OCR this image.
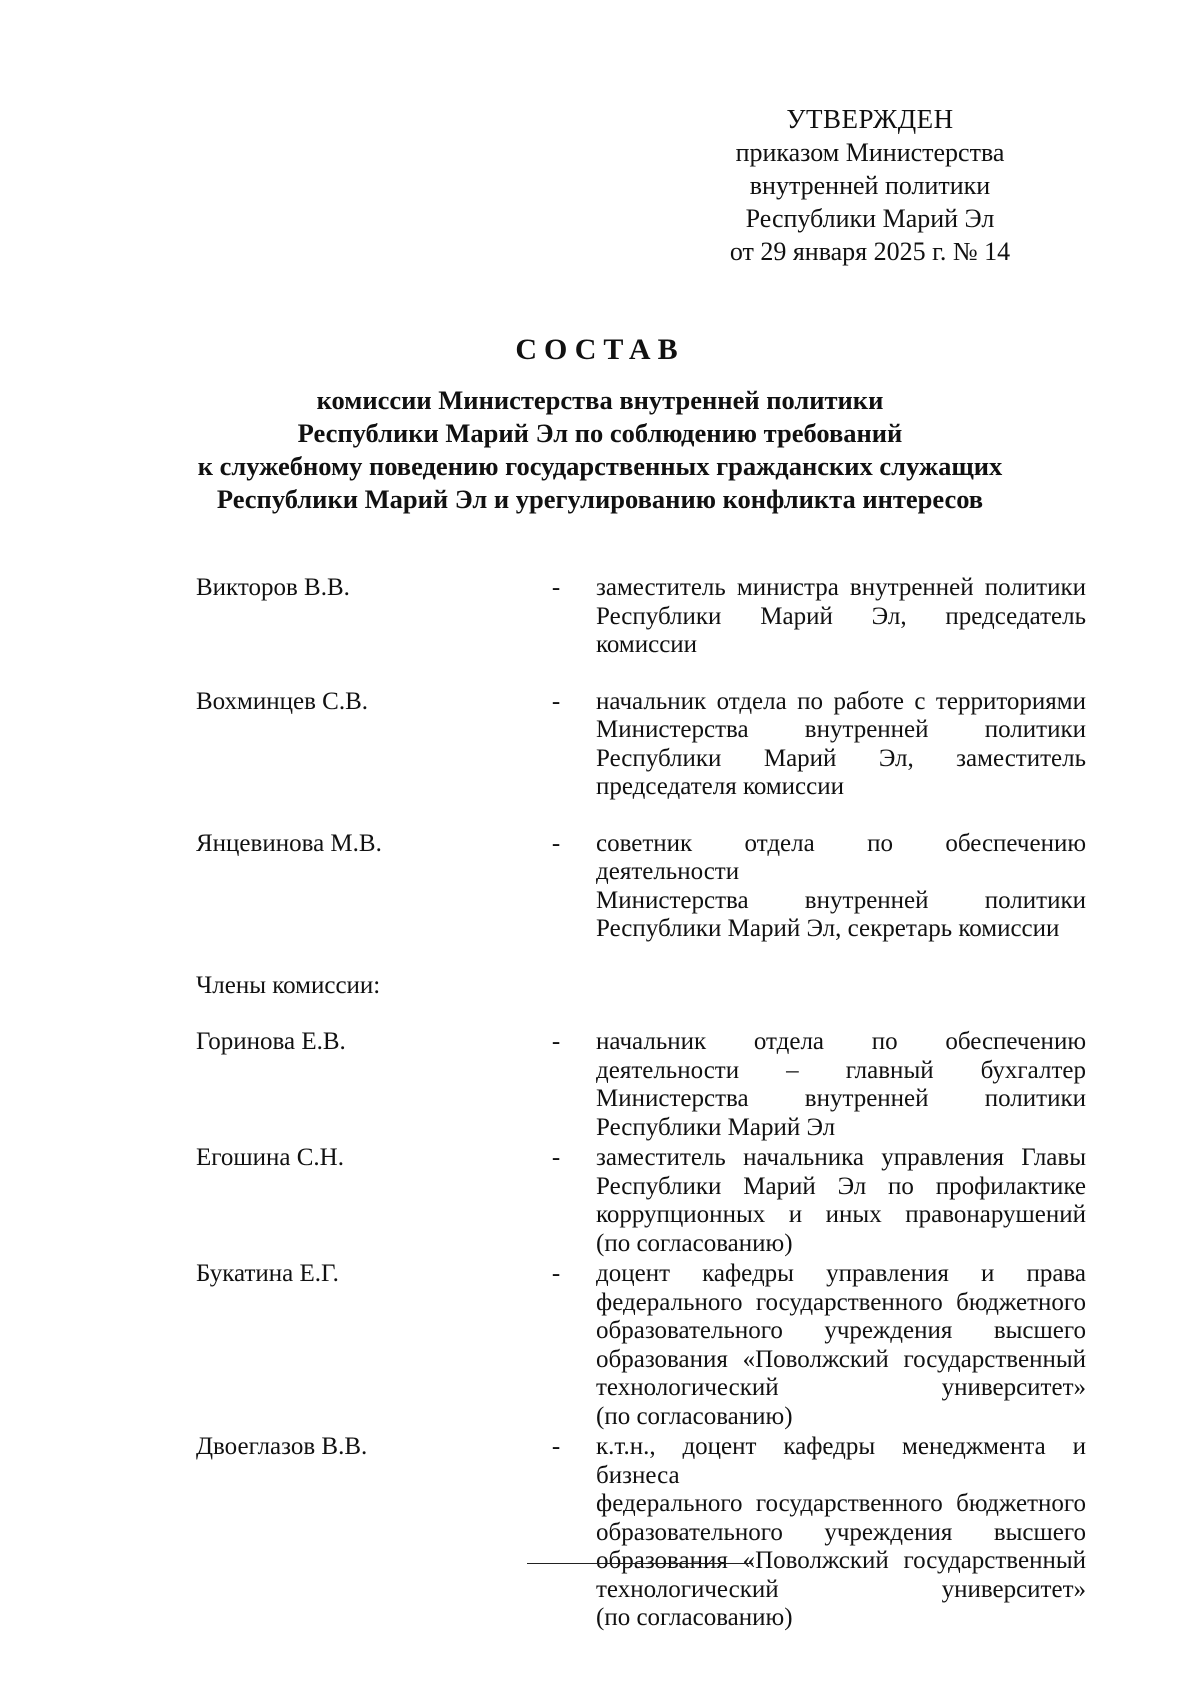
УТВЕРЖДЕН
приказом Министерства
внутренней политики
Республики Марий Эл
от 29 января 2025 г. № 14
СОСТАВ
комиссии Министерства внутренней политики
Республики Марий Эл по соблюдению требований
к служебному поведению государственных гражданских служащих
Республики Марий Эл и урегулированию конфликта интересов
Викторов В.В.	-	заместитель министра внутренней политики
Республики Марий Эл, председатель комиссии
Вохминцев С.В.	-	начальник отдела по работе с территориями
Министерства внутренней политики
Республики Марий Эл, заместитель
председателя комиссии
Янцевинова М.В.	-	советник отдела по обеспечению деятельности
Министерства внутренней политики
Республики Марий Эл, секретарь комиссии
Члены комиссии:
Горинова Е.В.	-	начальник отдела по обеспечению
деятельности – главный бухгалтер
Министерства внутренней политики
Республики Марий Эл
Егошина С.Н.	-	заместитель начальника управления Главы
Республики Марий Эл по профилактике
коррупционных и иных правонарушений
(по согласованию)
Букатина Е.Г.	-	доцент кафедры управления и права
федерального государственного бюджетного
образовательного учреждения высшего
образования «Поволжский государственный
технологический университет»
(по согласованию)
Двоеглазов В.В.	-	к.т.н., доцент кафедры менеджмента и бизнеса
федерального государственного бюджетного
образовательного учреждения высшего
образования «Поволжский государственный
технологический университет»
(по согласованию)
